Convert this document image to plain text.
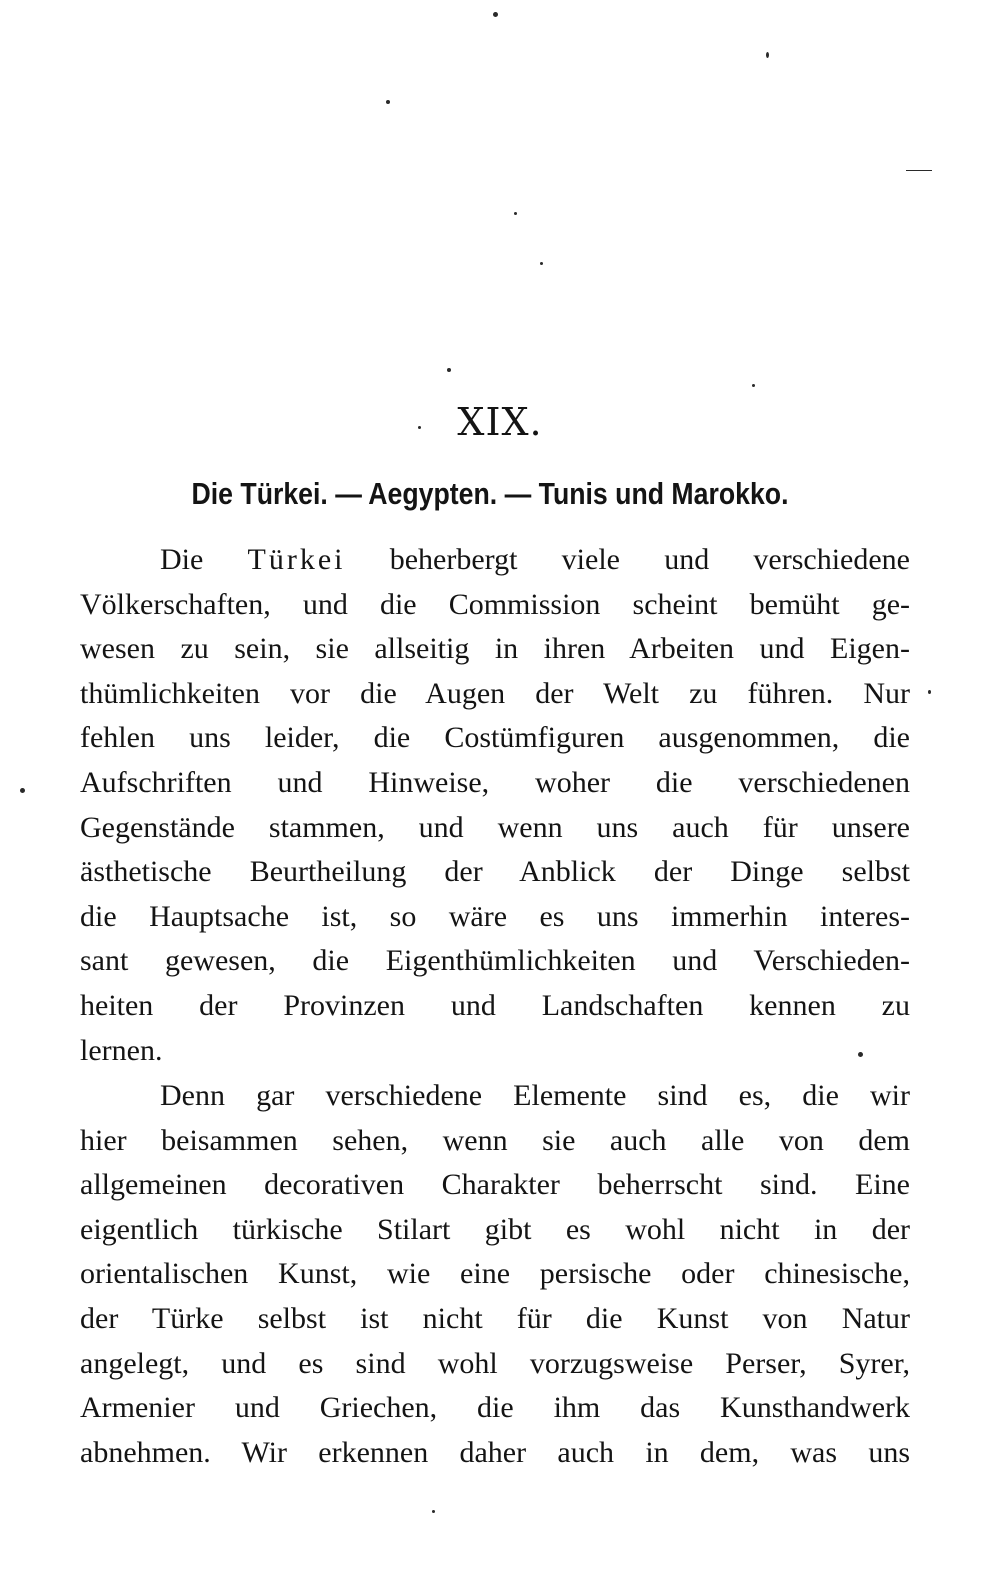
XIX.
Die Türkei. — Aegypten. — Tunis und Marokko.
Die Türkei beherbergt viele und verschiedene
Völkerschaften, und die Commission scheint bemüht ge-
wesen zu sein, sie allseitig in ihren Arbeiten und Eigen-
thümlichkeiten vor die Augen der Welt zu führen. Nur
fehlen uns leider, die Costümfiguren ausgenommen, die
Aufschriften und Hinweise, woher die verschiedenen
Gegenstände stammen, und wenn uns auch für unsere
ästhetische Beurtheilung der Anblick der Dinge selbst
die Hauptsache ist, so wäre es uns immerhin interes-
sant gewesen, die Eigenthümlichkeiten und Verschieden-
heiten der Provinzen und Landschaften kennen zu
lernen.
Denn gar verschiedene Elemente sind es, die wir
hier beisammen sehen, wenn sie auch alle von dem
allgemeinen decorativen Charakter beherrscht sind. Eine
eigentlich türkische Stilart gibt es wohl nicht in der
orientalischen Kunst, wie eine persische oder chinesische,
der Türke selbst ist nicht für die Kunst von Natur
angelegt, und es sind wohl vorzugsweise Perser, Syrer,
Armenier und Griechen, die ihm das Kunsthandwerk
abnehmen. Wir erkennen daher auch in dem, was uns
